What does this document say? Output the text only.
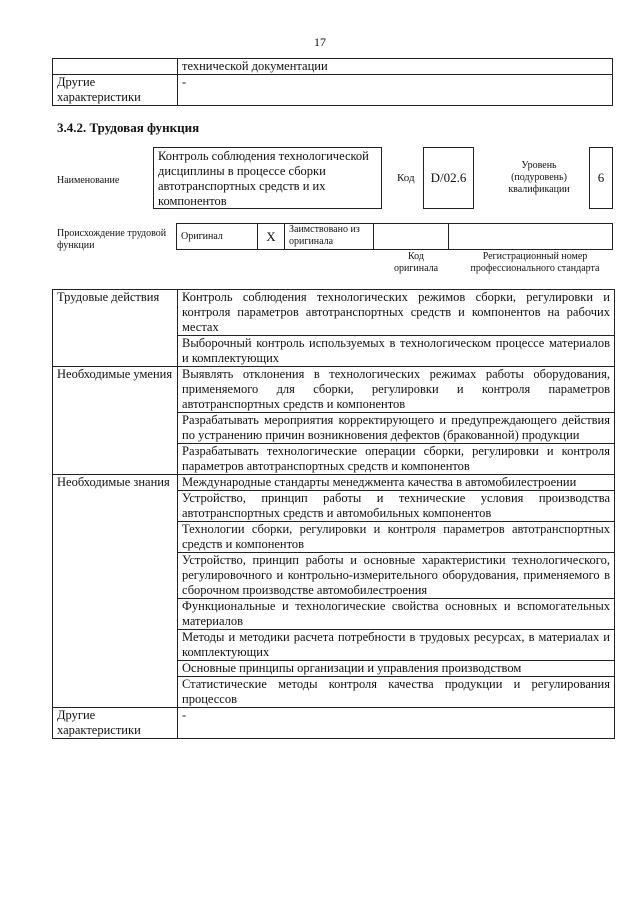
17
	технической документации
Другие характеристики	-
3.4.2. Трудовая функция
Наименование
Контроль соблюдения технологической дисциплины в процессе сборки автотранспортных средств и их компонентов
Код	D/02.6
Уровень (подуровень) квалификации
6
Происхождение трудовой функции
Оригинал	X	Заимствовано из оригинала		
Код оригинала
Регистрационный номер профессионального стандарта
Трудовые действия	Контроль соблюдения технологических режимов сборки, регулировки и контроля параметров автотранспортных средств и компонентов на рабочих местах
	Выборочный контроль используемых в технологическом процессе материалов и комплектующих
Необходимые умения	Выявлять отклонения в технологических режимах работы оборудования, применяемого для сборки, регулировки и контроля параметров автотранспортных средств и компонентов
	Разрабатывать мероприятия корректирующего и предупреждающего действия по устранению причин возникновения дефектов (бракованной) продукции
	Разрабатывать технологические операции сборки, регулировки и контроля параметров автотранспортных средств и компонентов
Необходимые знания	Международные стандарты менеджмента качества в автомобилестроении
	Устройство, принцип работы и технические условия производства автотранспортных средств и автомобильных компонентов
	Технологии сборки, регулировки и контроля параметров автотранспортных средств и компонентов
	Устройство, принцип работы и основные характеристики технологического, регулировочного и контрольно-измерительного оборудования, применяемого в сборочном производстве автомобилестроения
	Функциональные и технологические свойства основных и вспомогательных материалов
	Методы и методики расчета потребности в трудовых ресурсах, в материалах и комплектующих
	Основные принципы организации и управления производством
	Статистические методы контроля качества продукции и регулирования процессов
Другие характеристики	-
